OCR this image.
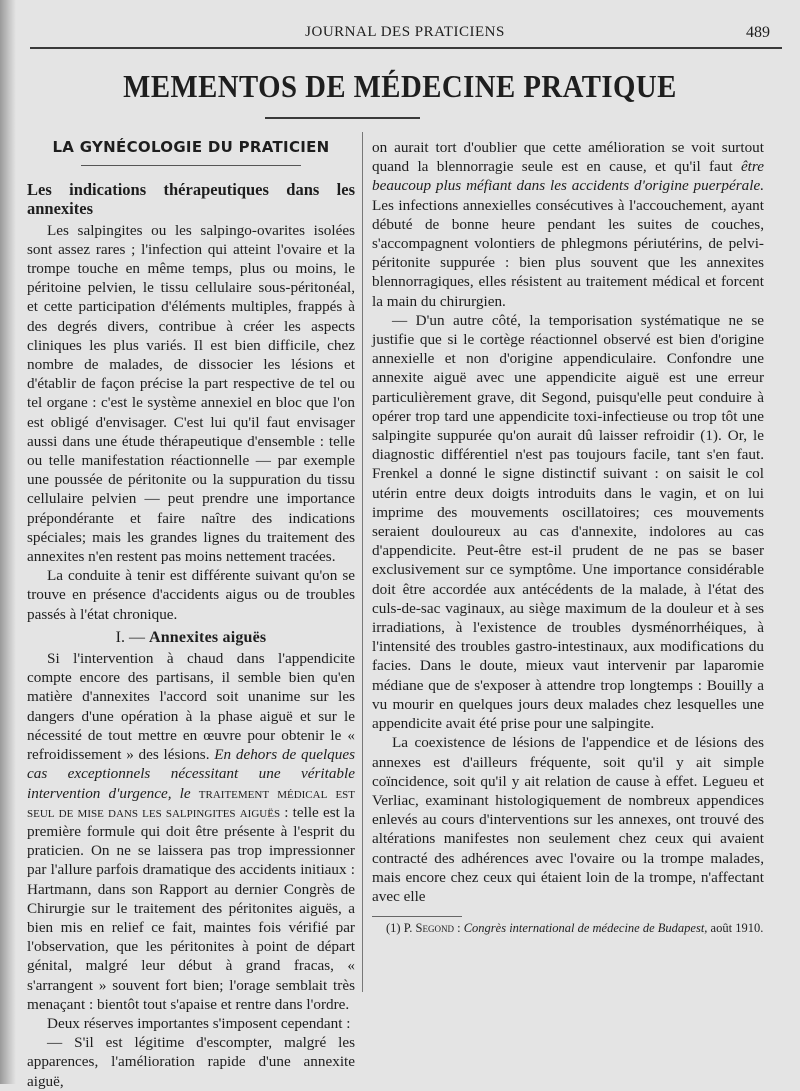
JOURNAL DES PRATICIENS	489
MEMENTOS DE MÉDECINE PRATIQUE
LA GYNÉCOLOGIE DU PRATICIEN
Les indications thérapeutiques dans les annexites

Les salpingites ou les salpingo-ovarites isolées sont assez rares ; l'infection qui atteint l'ovaire et la trompe touche en même temps, plus ou moins, le péritoine pelvien, le tissu cellulaire sous-péritonéal, et cette participation d'éléments multiples, frappés à des degrés divers, contribue à créer les aspects cliniques les plus variés. Il est bien difficile, chez nombre de malades, de dissocier les lésions et d'établir de façon précise la part respective de tel ou tel organe : c'est le système annexiel en bloc que l'on est obligé d'envisager. C'est lui qu'il faut envisager aussi dans une étude thérapeutique d'ensemble : telle ou telle manifestation réactionnelle — par exemple une poussée de péritonite ou la suppuration du tissu cellulaire pelvien — peut prendre une importance prépondérante et faire naître des indications spéciales; mais les grandes lignes du traitement des annexites n'en restent pas moins nettement tracées.

La conduite à tenir est différente suivant qu'on se trouve en présence d'accidents aigus ou de troubles passés à l'état chronique.

I. — Annexites aiguës

Si l'intervention à chaud dans l'appendicite compte encore des partisans, il semble bien qu'en matière d'annexites l'accord soit unanime sur les dangers d'une opération à la phase aiguë et sur le nécessité de tout mettre en œuvre pour obtenir le « refroidissement » des lésions. En dehors de quelques cas exceptionnels nécessitant une véritable intervention d'urgence, le traitement médical est seul de mise dans les salpingites aiguës : telle est la première formule qui doit être présente à l'esprit du praticien. On ne se laissera pas trop impressionner par l'allure parfois dramatique des accidents initiaux : Hartmann, dans son Rapport au dernier Congrès de Chirurgie sur le traitement des péritonites aiguës, a bien mis en relief ce fait, maintes fois vérifié par l'observation, que les péritonites à point de départ génital, malgré leur début à grand fracas, « s'arrangent » souvent fort bien; l'orage semblait très menaçant : bientôt tout s'apaise et rentre dans l'ordre.

Deux réserves importantes s'imposent cependant :

— S'il est légitime d'escompter, malgré les apparences, l'amélioration rapide d'une annexite aiguë,

on aurait tort d'oublier que cette amélioration se voit surtout quand la blennorragie seule est en cause, et qu'il faut être beaucoup plus méfiant dans les accidents d'origine puerpérale. Les infections annexielles consécutives à l'accouchement, ayant débuté de bonne heure pendant les suites de couches, s'accompagnent volontiers de phlegmons périutérins, de pelvi-péritonite suppurée : bien plus souvent que les annexites blennorragiques, elles résistent au traitement médical et forcent la main du chirurgien.

— D'un autre côté, la temporisation systématique ne se justifie que si le cortège réactionnel observé est bien d'origine annexielle et non d'origine appendiculaire. Confondre une annexite aiguë avec une appendicite aiguë est une erreur particulièrement grave, dit Segond, puisqu'elle peut conduire à opérer trop tard une appendicite toxi-infectieuse ou trop tôt une salpingite suppurée qu'on aurait dû laisser refroidir (1). Or, le diagnostic différentiel n'est pas toujours facile, tant s'en faut. Frenkel a donné le signe distinctif suivant : on saisit le col utérin entre deux doigts introduits dans le vagin, et on lui imprime des mouvements oscillatoires; ces mouvements seraient douloureux au cas d'annexite, indolores au cas d'appendicite. Peut-être est-il prudent de ne pas se baser exclusivement sur ce symptôme. Une importance considérable doit être accordée aux antécédents de la malade, à l'état des culs-de-sac vaginaux, au siège maximum de la douleur et à ses irradiations, à l'existence de troubles dysménorrhéiques, à l'intensité des troubles gastro-intestinaux, aux modifications du facies. Dans le doute, mieux vaut intervenir par laparomie médiane que de s'exposer à attendre trop longtemps : Bouilly a vu mourir en quelques jours deux malades chez lesquelles une appendicite avait été prise pour une salpingite.

La coexistence de lésions de l'appendice et de lésions des annexes est d'ailleurs fréquente, soit qu'il y ait simple coïncidence, soit qu'il y ait relation de cause à effet. Legueu et Verliac, examinant histologiquement de nombreux appendices enlevés au cours d'interventions sur les annexes, ont trouvé des altérations manifestes non seulement chez ceux qui avaient contracté des adhérences avec l'ovaire ou la trompe malades, mais encore chez ceux qui étaient loin de la trompe, n'affectant avec elle

(1) P. Segond : Congrès international de médecine de Budapest, août 1910.
